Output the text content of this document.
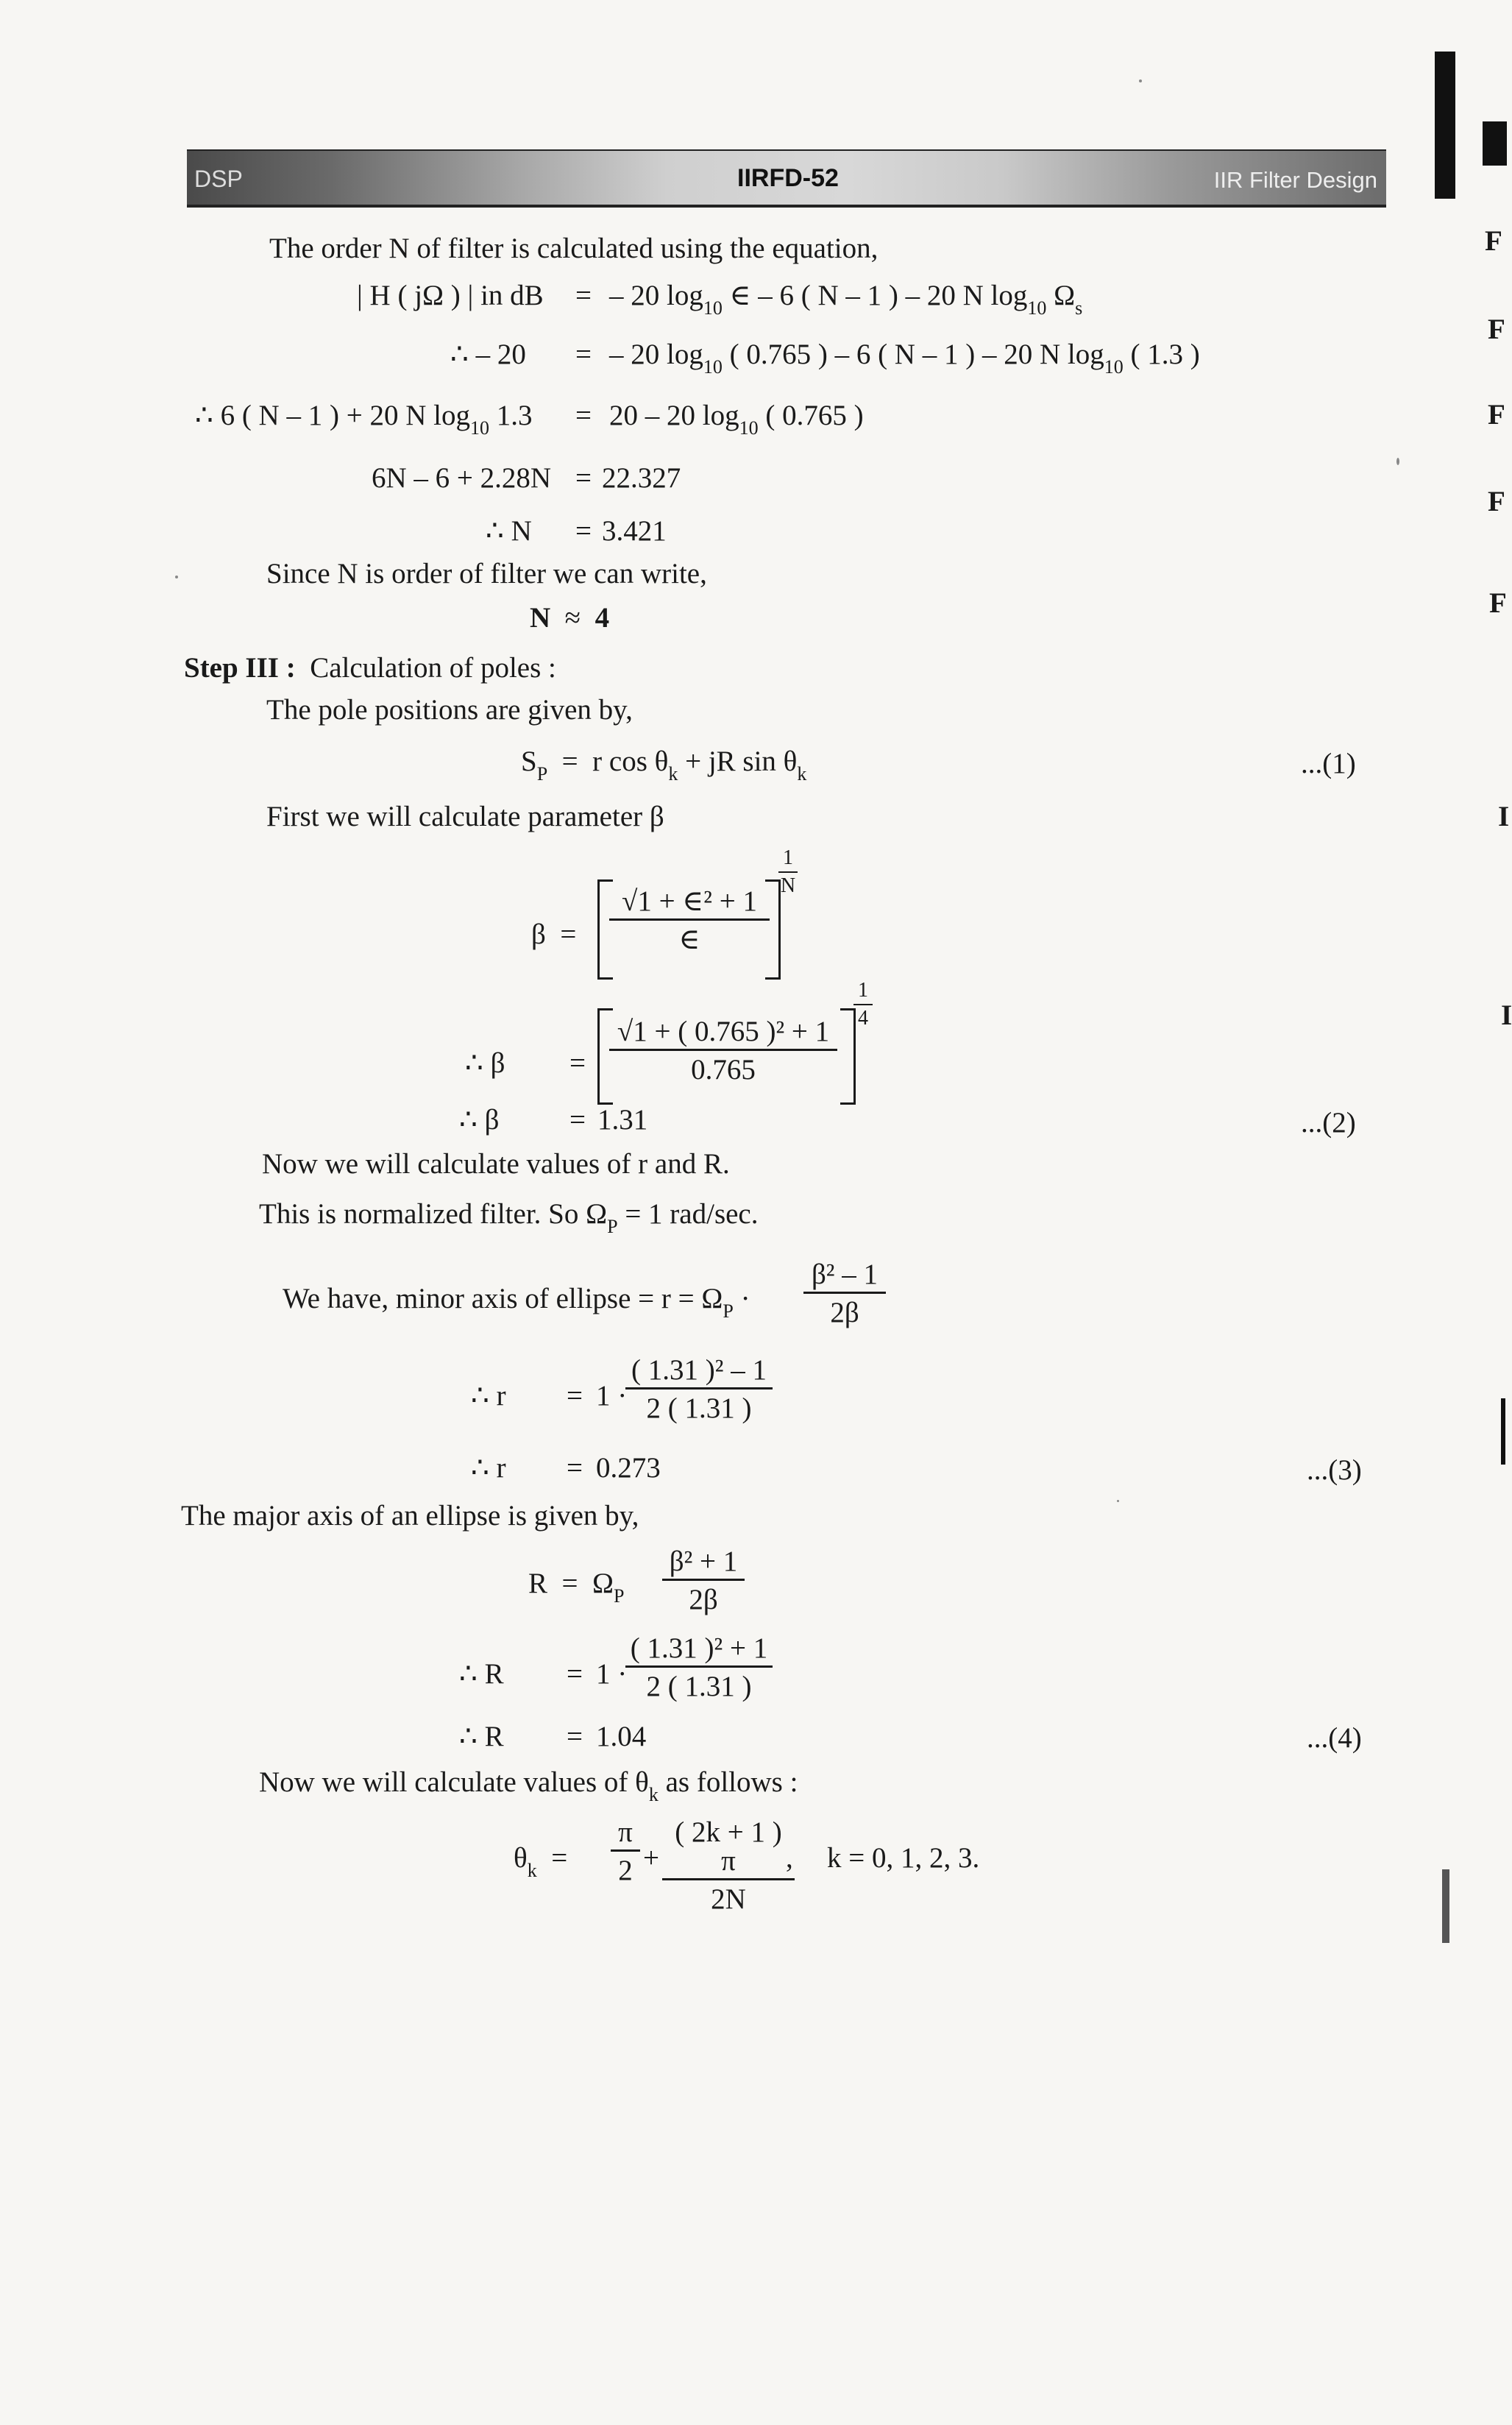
DSP	IIRFD-52	IIR Filter Design
F
F
F
F
F
I
I
The order N of filter is calculated using the equation,
| H ( jΩ ) | in dB = – 20 $\log_{10}$ ∈ – 6 ( N – 1 ) – 20 N $\log_{10} \Omega_s$
∴ – 20 = – 20 $\log_{10}$ ( 0.765 ) – 6 ( N – 1 ) – 20 N $\log_{10}$ ( 1.3 )
∴ 6 ( N – 1 ) + 20 N $\log_{10} 1.3 = 20 - 20$ $\log_{10}$ ( 0.765 )
6N – 6 + 2.28N = 22.327
∴ N = 3.421
Since N is order of filter we can write,
N ≈ 4
Step III : Calculation of poles :
The pole positions are given by,
$S_P = r$ $\cos \theta_k$ + jR $\sin \theta_k$	...(1)
First we will calculate parameter β
β  =
√1 + ∈² + 1
∈
$\frac{1}{N}$
∴ $\beta = \frac{\text{√1 + ( 0.765 )² + 1}}{0.765}$
$\frac{1}{4}$
∴ β = 1.31	...(2)
Now we will calculate values of r and R.
This is normalized filter. So $\Omega_P = 1$ rad/sec.
We have, minor axis of ellipse = $r = \Omega_P \cdot \frac{\text{β² – 1}}{2\beta}$
∴ r = 1 ·
$\frac{\text{( 1.31 )² – 1}}{2 ( 1.31 )}$
∴ r = 0.273	...(3)
The major axis of an ellipse is given by,
$R = \Omega_P \frac{\text{β² + 1}}{2\beta}$
∴ R = 1 ·
$\frac{\text{( 1.31 )² + 1}}{2 ( 1.31 )}$
∴ R = 1.04	...(4)
Now we will calculate values of $\theta_k$ as follows :
$\theta_k = \frac{\pi}{2} + \frac{( 2k + 1 ) \pi}{2N}$
, k = 0, 1, 2, 3.
